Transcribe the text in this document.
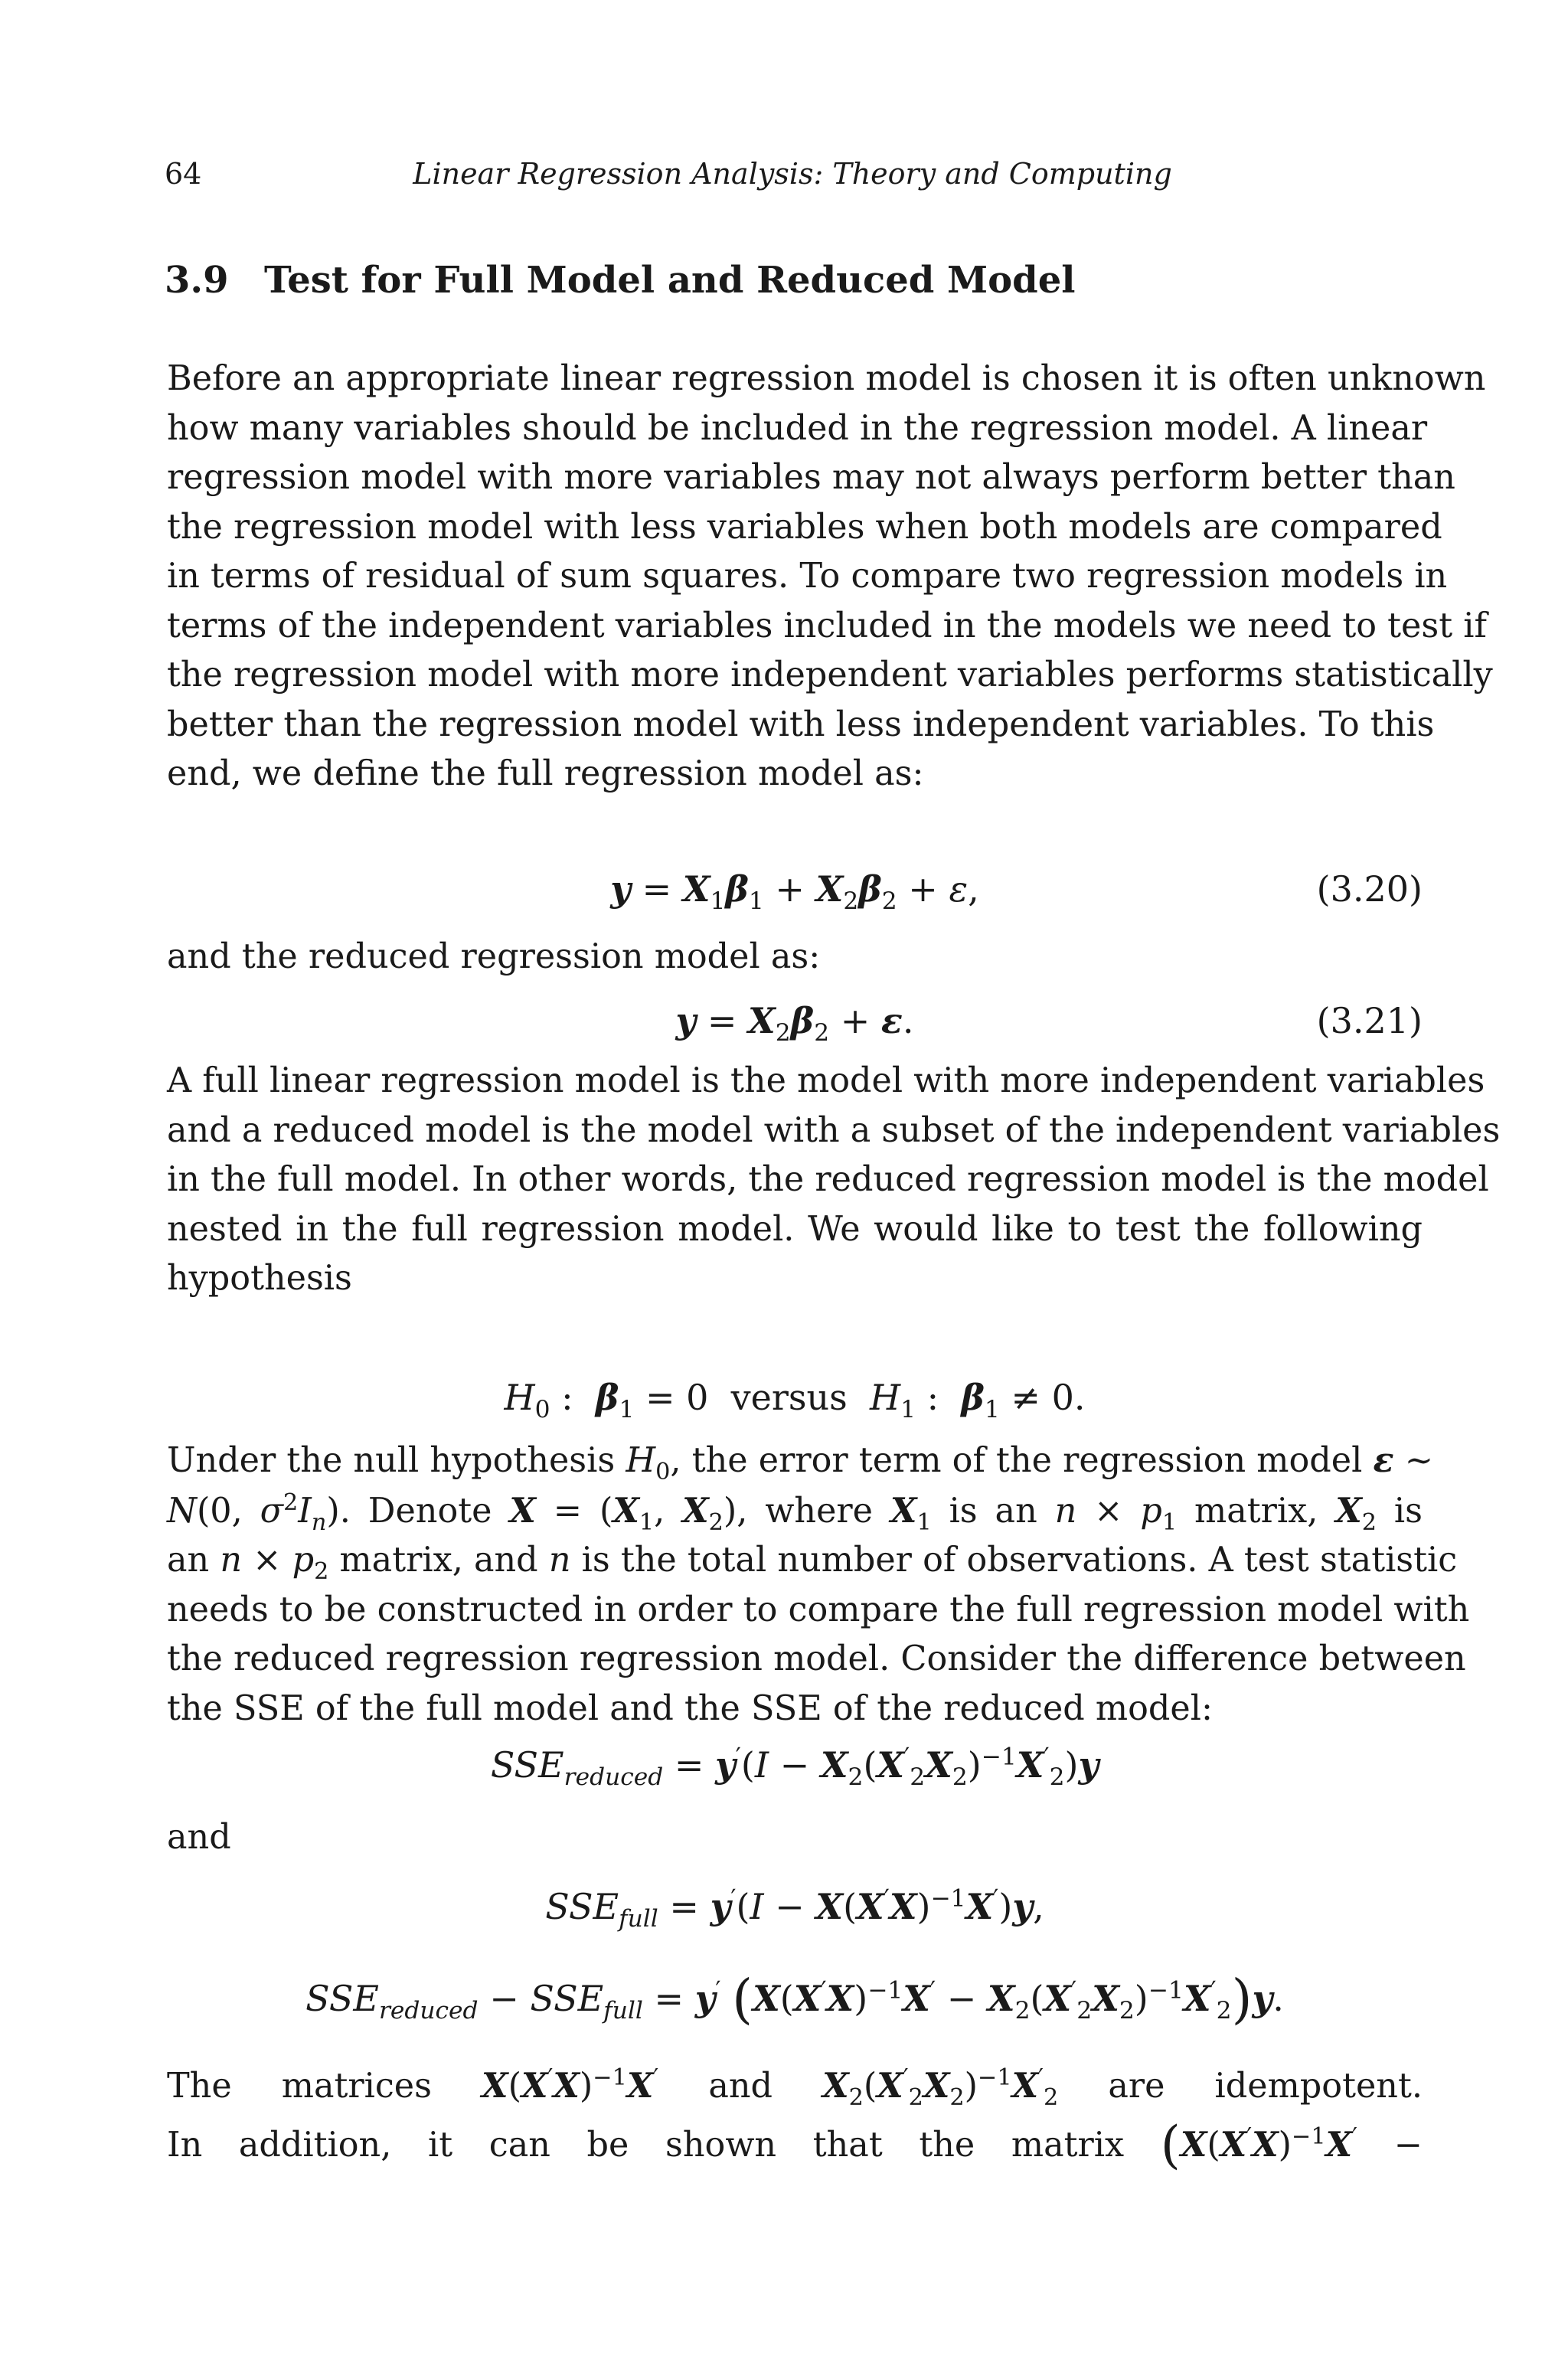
64	Linear Regression Analysis: Theory and Computing
3.9 Test for Full Model and Reduced Model
Before an appropriate linear regression model is chosen it is often unknown
how many variables should be included in the regression model. A linear
regression model with more variables may not always perform better than
the regression model with less variables when both models are compared
in terms of residual of sum squares. To compare two regression models in
terms of the independent variables included in the models we need to test if
the regression model with more independent variables performs statistically
better than the regression model with less independent variables. To this
end, we define the full regression model as:
$y = X_1\beta_1 + X_2\beta_2 + \varepsilon$,	(3.20)
and the reduced regression model as:
$y = X_2\beta_2 + \varepsilon$.	(3.21)
A full linear regression model is the model with more independent variables
and a reduced model is the model with a subset of the independent variables
in the full model. In other words, the reduced regression model is the model
nested in the full regression model. We would like to test the following
hypothesis
$H_0$ :  $\beta_1 = 0$  versus $H_1$ :  $\beta_1 \ne 0$.
Under the null hypothesis $H_0$, the error term of the regression model ε ∼
N(0, $\sigma^2I_n$). Denote $X = (X_1$, $X_2$), where $X_1$ is an $n \times p_1$ matrix, $X_2$ is
an $n \times p_2$ matrix, and n is the total number of observations. A test statistic
needs to be constructed in order to compare the full regression model with
the reduced regression regression model. Consider the difference between
the SSE of the full model and the SSE of the reduced model:
$SSE_{reduced} = y'(I - X_2(X'_2X_2)^{-1}X'_2)y$
and
$SSE_{full} = y'(I - X(X'X)^{-1}X')y$,
$SSE_{reduced} - SSE_{full} = y'$ $(X(X'X)^{-1}X' - X_2(X'_2X_2)^{-1}X'_2)y$.
The matrices $X(X'X)^{-1}X'$ and $X_2(X'_2X_2)^{-1}X'_2$ are idempotent.
In addition, it can be shown that the matrix ($X(X'X)^{-1}X'$ −
